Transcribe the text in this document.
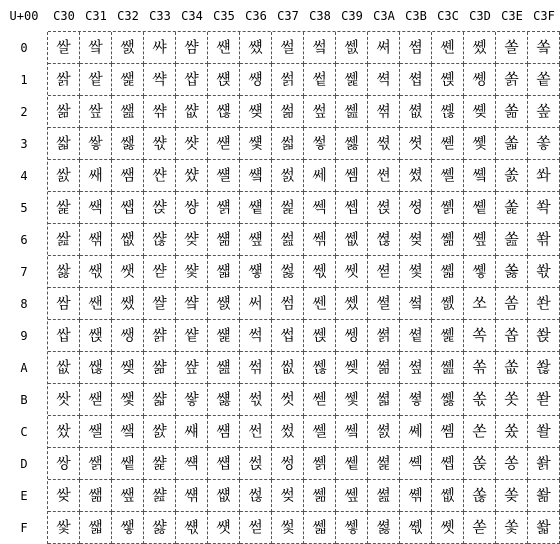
U+00	C30 C31 C32 C33 C34 C35 C36 C37 C38 C39 C3A C3B C3C C3D C3E C3F
0
1
2
3
4
5
6
7
8
9
A
B
C
D
E
F
쌀
쌁
쌂
쌃
쌄
쌅
쌆
쌇
쌈
쌉
쌊
쌋
쌌
쌍
쌎
쌏
쌐
쌑
쌒
쌓
쌔
쌕
쌖
쌗
쌘
쌙
쌚
쌛
쌜
쌝
쌞
쌟
쌠
쌡
쌢
쌣
쌤
쌥
쌦
쌧
쌨
쌩
쌪
쌫
쌬
쌭
쌮
쌯
쌰
쌱
쌲
쌳
쌴
쌵
쌶
쌷
쌸
쌹
쌺
쌻
쌼
쌽
쌾
쌿
썀
썁
썂
썃
썄
썅
썆
썇
썈
썉
썊
썋
썌
썍
썎
썏
썐
썑
썒
썓
썔
썕
썖
썗
썘
썙
썚
썛
썜
썝
썞
썟
썠
썡
썢
썣
썤
썥
썦
썧
써
썩
썪
썫
썬
썭
썮
썯
썰
썱
썲
썳
썴
썵
썶
썷
썸
썹
썺
썻
썼
썽
썾
썿
쎀
쎁
쎂
쎃
쎄
쎅
쎆
쎇
쎈
쎉
쎊
쎋
쎌
쎍
쎎
쎏
쎐
쎑
쎒
쎓
쎔
쎕
쎖
쎗
쎘
쎙
쎚
쎛
쎜
쎝
쎞
쎟
쎠
쎡
쎢
쎣
쎤
쎥
쎦
쎧
쎨
쎩
쎪
쎫
쎬
쎭
쎮
쎯
쎰
쎱
쎲
쎳
쎴
쎵
쎶
쎷
쎸
쎹
쎺
쎻
쎼
쎽
쎾
쎿
쏀
쏁
쏂
쏃
쏄
쏅
쏆
쏇
쏈
쏉
쏊
쏋
쏌
쏍
쏎
쏏
쏐
쏑
쏒
쏓
쏔
쏕
쏖
쏗
쏘
쏙
쏚
쏛
쏜
쏝
쏞
쏟
쏠
쏡
쏢
쏣
쏤
쏥
쏦
쏧
쏨
쏩
쏪
쏫
쏬
쏭
쏮
쏯
쏰
쏱
쏲
쏳
쏴
쏵
쏶
쏷
쏸
쏹
쏺
쏻
쏼
쏽
쏾
쏿
